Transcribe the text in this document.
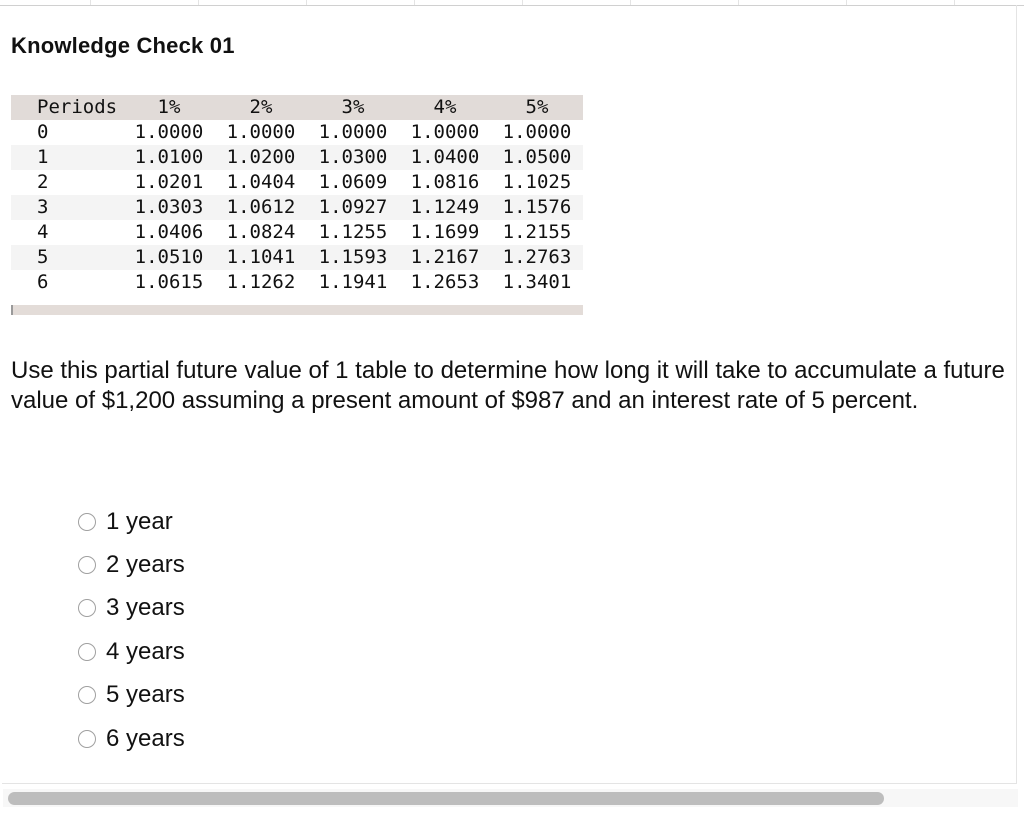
Knowledge Check 01
Periods	1%	2%	3%	4%	5%
0	1.0000	1.0000	1.0000	1.0000	1.0000
1	1.0100	1.0200	1.0300	1.0400	1.0500
2	1.0201	1.0404	1.0609	1.0816	1.1025
3	1.0303	1.0612	1.0927	1.1249	1.1576
4	1.0406	1.0824	1.1255	1.1699	1.2155
5	1.0510	1.1041	1.1593	1.2167	1.2763
6	1.0615	1.1262	1.1941	1.2653	1.3401
Use this partial future value of 1 table to determine how long it will take to accumulate a future value of $1,200 assuming a present amount of $987 and an interest rate of 5 percent.
1 year
2 years
3 years
4 years
5 years
6 years
